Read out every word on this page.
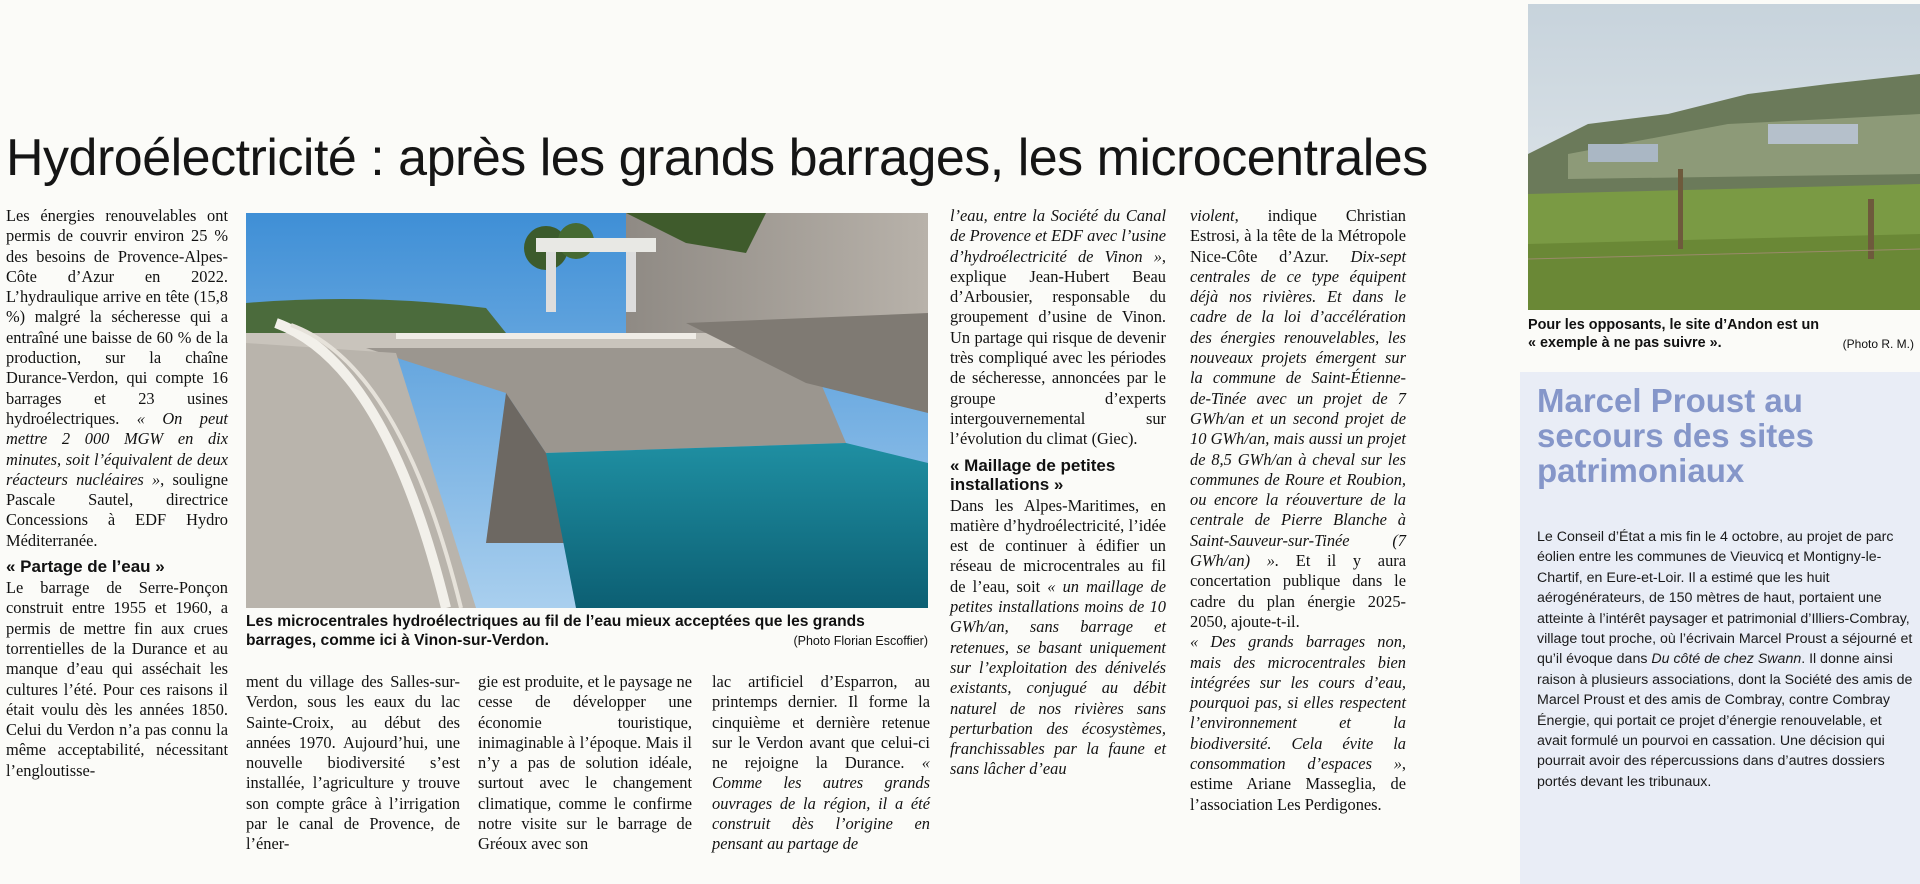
Hydroélectricité : après les grands barrages, les microcentrales

Les énergies renouvelables ont permis de couvrir environ 25 % des besoins de Provence-Alpes-Côte d’Azur en 2022. L’hydraulique arrive en tête (15,8 %) malgré la sécheresse qui a entraîné une baisse de 60 % de la production, sur la chaîne Durance-Verdon, qui compte 16 barrages et 23 usines hydroélectriques. « On peut mettre 2 000 MGW en dix minutes, soit l’équivalent de deux réacteurs nucléaires », souligne Pascale Sautel, directrice Concessions à EDF Hydro Méditerranée.

« Partage de l’eau »

Le barrage de Serre-Ponçon construit entre 1955 et 1960, a permis de mettre fin aux crues torrentielles de la Durance et au manque d’eau qui asséchait les cultures l’été. Pour ces raisons il était voulu dès les années 1850. Celui du Verdon n’a pas connu la même acceptabilité, nécessitant l’engloutisse-

Les microcentrales hydroélectriques au fil de l’eau mieux acceptées que les grands barrages, comme ici à Vinon-sur-Verdon.	(Photo Florian Escoffier)

ment du village des Salles-sur-Verdon, sous les eaux du lac Sainte-Croix, au début des années 1970. Aujourd’hui, une nouvelle biodiversité s’est installée, l’agriculture y trouve son compte grâce à l’irrigation par le canal de Provence, de l’éner-

gie est produite, et le paysage ne cesse de développer une économie touristique, inimaginable à l’époque. Mais il n’y a pas de solution idéale, surtout avec le changement climatique, comme le confirme notre visite sur le barrage de Gréoux avec son

lac artificiel d’Esparron, au printemps dernier. Il forme la cinquième et dernière retenue sur le Verdon avant que celui-ci ne rejoigne la Durance. « Comme les autres grands ouvrages de la région, il a été construit dès l’origine en pensant au partage de

l’eau, entre la Société du Canal de Provence et EDF avec l’usine d’hydroélectricité de Vinon », explique Jean-Hubert Beau d’Arbousier, responsable du groupement d’usine de Vinon. Un partage qui risque de devenir très compliqué avec les périodes de sécheresse, annoncées par le groupe d’experts intergouvernemental sur l’évolution du climat (Giec).

« Maillage de petites installations »

Dans les Alpes-Maritimes, en matière d’hydroélectricité, l’idée est de continuer à édifier un réseau de microcentrales au fil de l’eau, soit « un maillage de petites installations moins de 10 GWh/an, sans barrage et retenues, se basant uniquement sur l’exploitation des dénivelés existants, conjugué au débit naturel de nos rivières sans perturbation des écosystèmes, franchissables par la faune et sans lâcher d’eau

violent, indique Christian Estrosi, à la tête de la Métropole Nice-Côte d’Azur. Dix-sept centrales de ce type équipent déjà nos rivières. Et dans le cadre de la loi d’accélération des énergies renouvelables, les nouveaux projets émergent sur la commune de Saint-Étienne-de-Tinée avec un projet de 7 GWh/an et un second projet de 10 GWh/an, mais aussi un projet de 8,5 GWh/an à cheval sur les communes de Roure et Roubion, ou encore la réouverture de la centrale de Pierre Blanche à Saint-Sauveur-sur-Tinée (7 GWh/an) ». Et il y aura concertation publique dans le cadre du plan énergie 2025-2050, ajoute-t-il.

« Des grands barrages non, mais des microcentrales bien intégrées sur les cours d’eau, pourquoi pas, si elles respectent l’environnement et la biodiversité. Cela évite la consommation d’espaces », estime Ariane Masseglia, de l’association Les Perdigones.

Pour les opposants, le site d’Andon est un
« exemple à ne pas suivre ».	(Photo R. M.)
Marcel Proust au secours des sites patrimoniaux

Le Conseil d’État a mis fin le 4 octobre, au projet de parc éolien entre les communes de Vieuvicq et Montigny-le-Chartif, en Eure-et-Loir. Il a estimé que les huit aérogénérateurs, de 150 mètres de haut, portaient une atteinte à l’intérêt paysager et patrimonial d’Illiers-Combray, village tout proche, où l’écrivain Marcel Proust a séjourné et qu’il évoque dans Du côté de chez Swann. Il donne ainsi raison à plusieurs associations, dont la Société des amis de Marcel Proust et des amis de Combray, contre Combray Énergie, qui portait ce projet d’énergie renouvelable, et avait formulé un pourvoi en cassation. Une décision qui pourrait avoir des répercussions dans d’autres dossiers portés devant les tribunaux.
